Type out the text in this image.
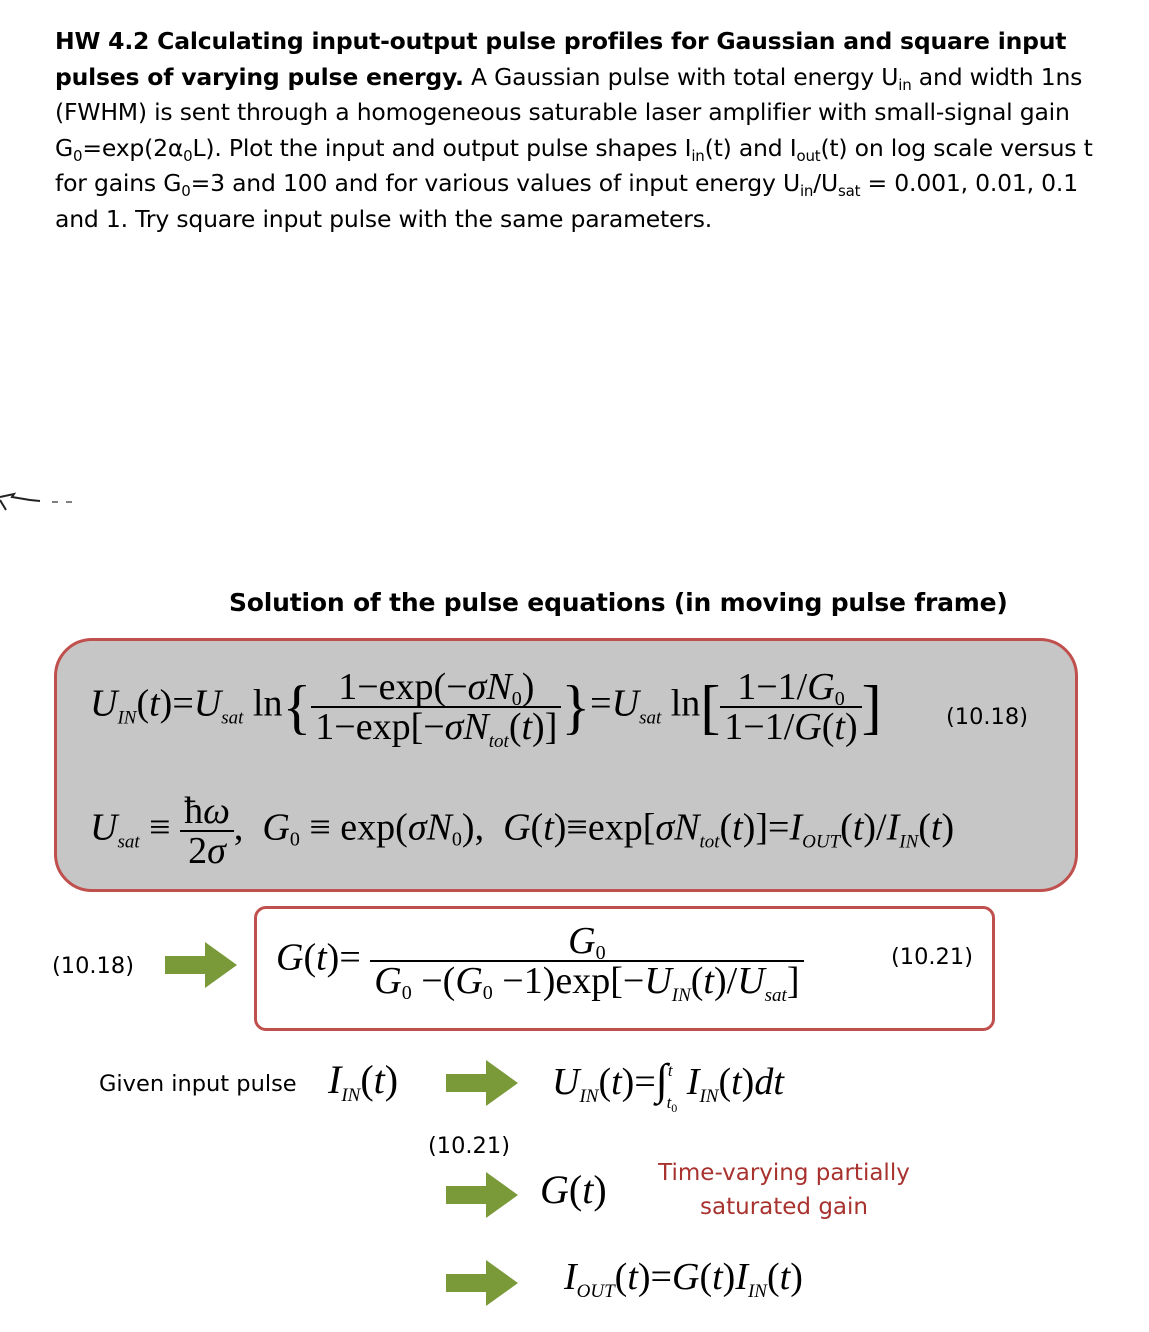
HW 4.2 Calculating input-output pulse profiles for Gaussian and square input pulses of varying pulse energy. A Gaussian pulse with total energy $U_{in}$ and width 1ns (FWHM) is sent through a homogeneous saturable laser amplifier with small-signal gain $G_0=\exp(2\alpha_0L)$. Plot the input and output pulse shapes $I_{in}(t)$ and $I_{out}(t)$ on log scale versus t for gains $G_0=3$ and 100 and for various values of input energy $U_{in}/U_{sat} = 0.001$, 0.01, 0.1 and 1. Try square input pulse with the same parameters.
Solution of the pulse equations (in moving pulse frame)
$U_{IN}(t)=U_{sat}$ $\ln\{ \frac{1-\exp(-\sigma N0)}{1-\exp[-\sigma N_{tot}(t)]} \}=U_{sat}$ $\ln[ \frac{1-1/G0}{1-1/G(t)}$ ]	(10.18)
$U_{sat} \equiv \frac{ħ\omega}{2\sigma}$ ,  G0 ≡ exp(σN0),  $G(t)\equiv\exp[\sigma N_{tot}(t)]=I_{OUT}(t)/I_{IN}(t)$
(10.18)	$G(t)= \frac{G0}{G0 -(G0 -1)\exp[-U_{IN}(t)/U_{sat}]}$	(10.21)
Given input pulse $I_{IN}(t)$	$U_{IN}(t)=\int^t_{t0}$ $I_{IN}(t)dt$
(10.21)
G(t) Time-varying partially saturated gain
$I_{OUT}(t)=G(t)I_{IN}(t)$
